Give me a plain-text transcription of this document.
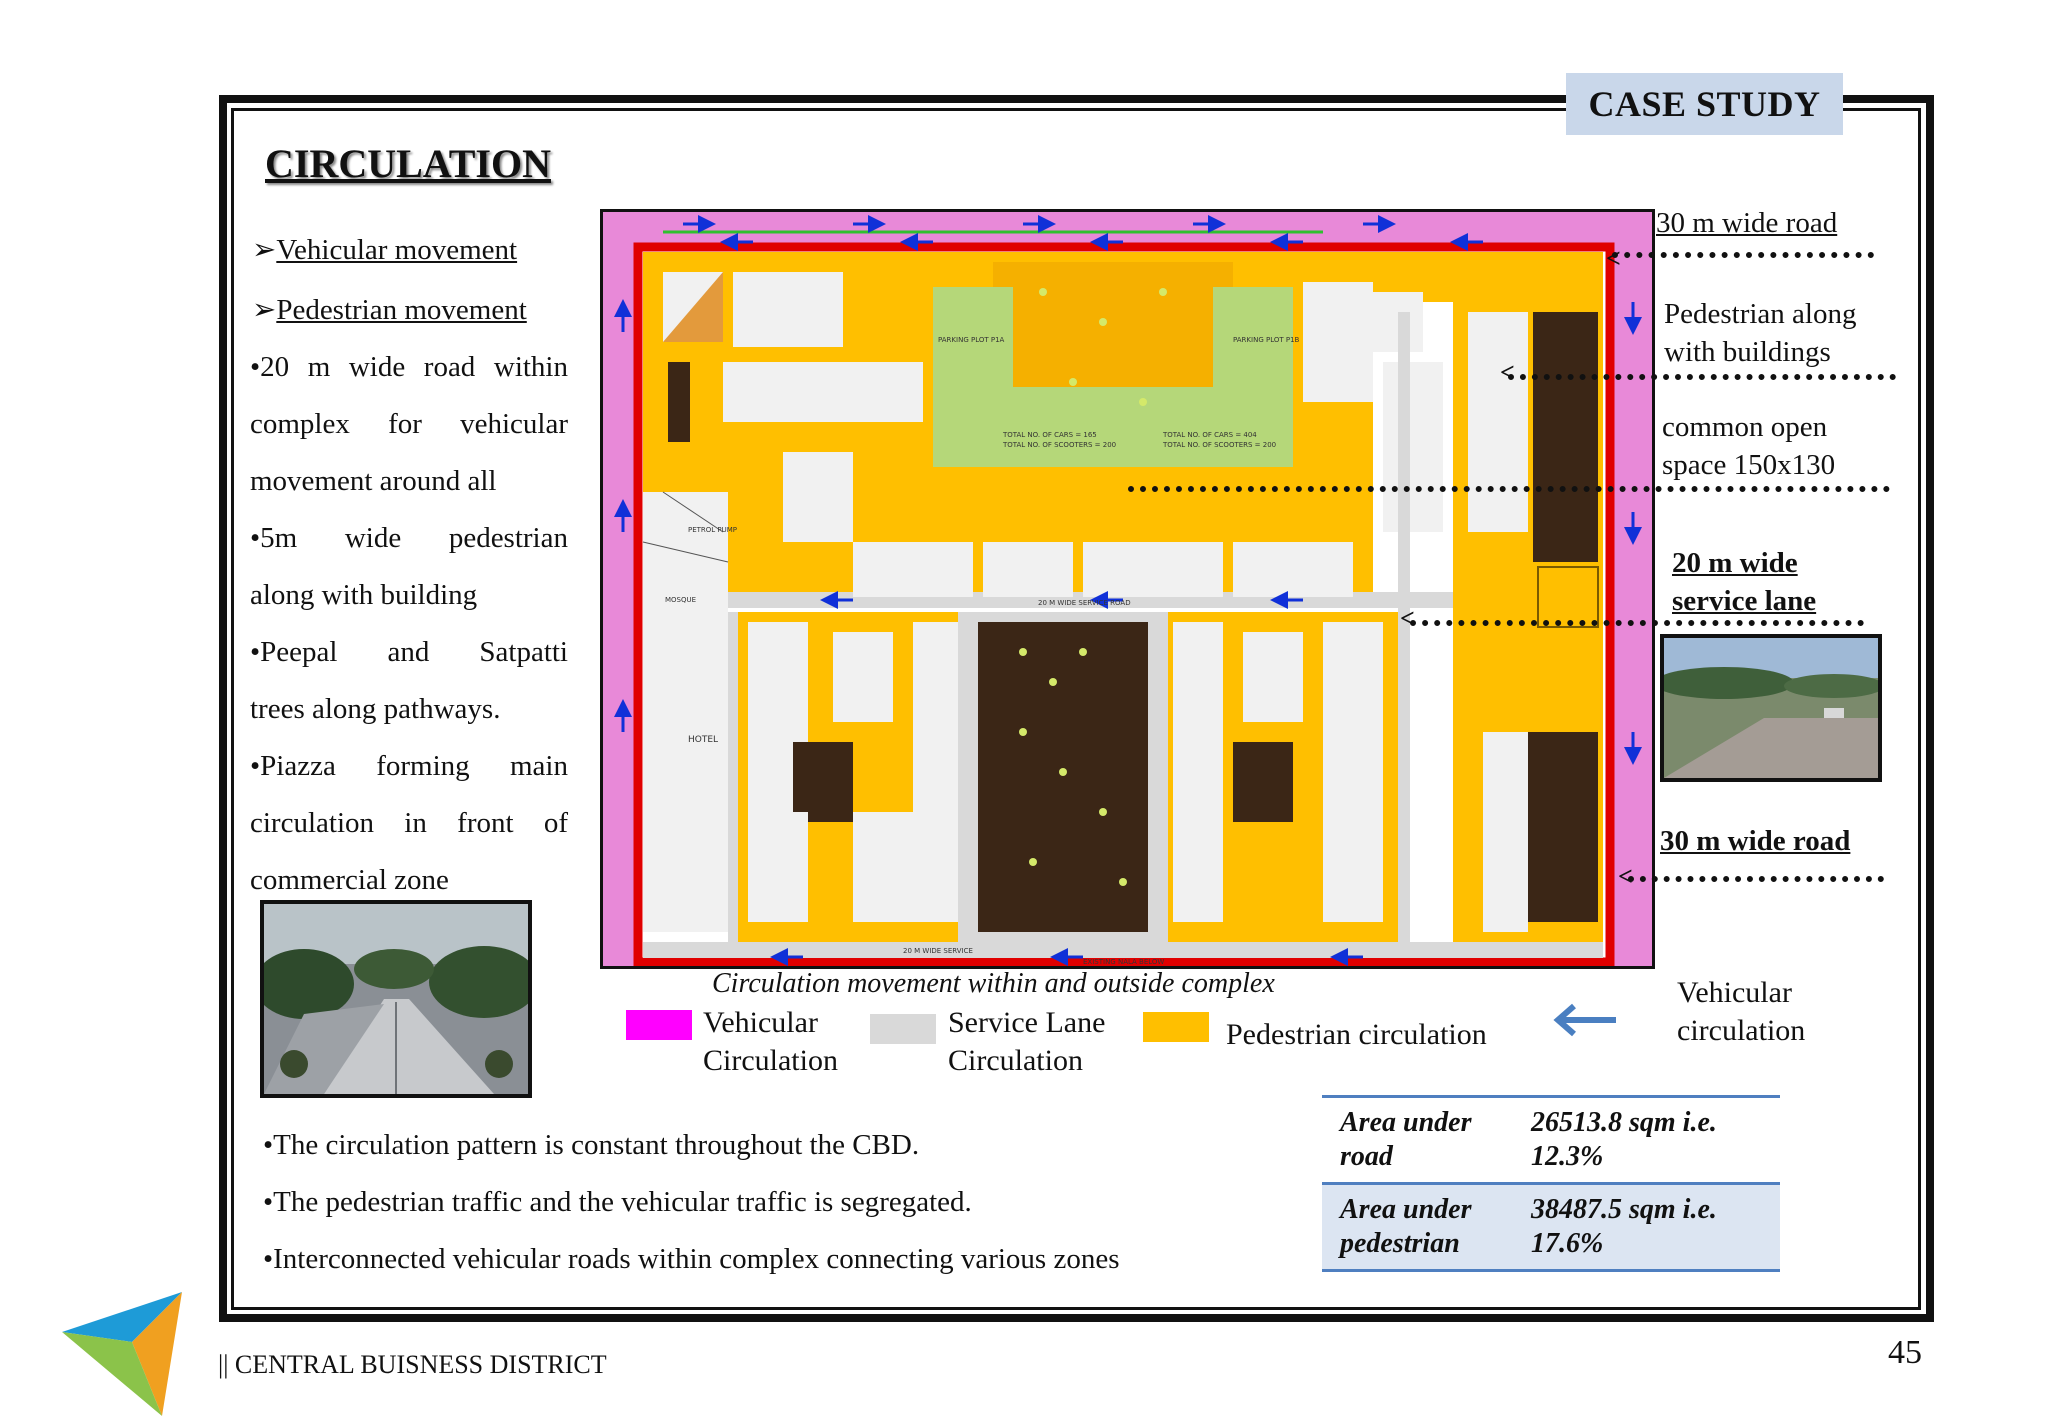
CASE STUDY
CIRCULATION
➢Vehicular movement
➢Pedestrian movement
•20 m wide road within
complex for vehicular
movement around all
•5m wide pedestrian
along with building
•Peepal and Satpatti
trees along pathways.
•Piazza forming main
circulation in front of
commercial zone
PARKING PLOT P1A	PARKING PLOT P1B
TOTAL NO. OF CARS = 165
TOTAL NO. OF SCOOTERS = 200
TOTAL NO. OF CARS = 404
TOTAL NO. OF SCOOTERS = 200
PETROL PUMP
MOSQUE	20 M WIDE SERVICE ROAD
20 M WIDE SERVICE
EXISTING NALA BELOW
HOTEL
Circulation movement within and outside complex
30 m wide road
<
Pedestrian along
with buildings
<
common open
space 150x130
20 m wide
service lane
<
30 m wide road
<
Vehicular
Circulation
Service Lane
Circulation
Pedestrian circulation
Vehicular
circulation
•The circulation pattern is constant throughout the CBD.
•The pedestrian traffic and the vehicular traffic is segregated.
•Interconnected vehicular roads within complex connecting various zones
Area under road	26513.8 sqm i.e. 12.3%
Area under pedestrian	38487.5 sqm i.e. 17.6%
|| CENTRAL BUISNESS DISTRICT	45
